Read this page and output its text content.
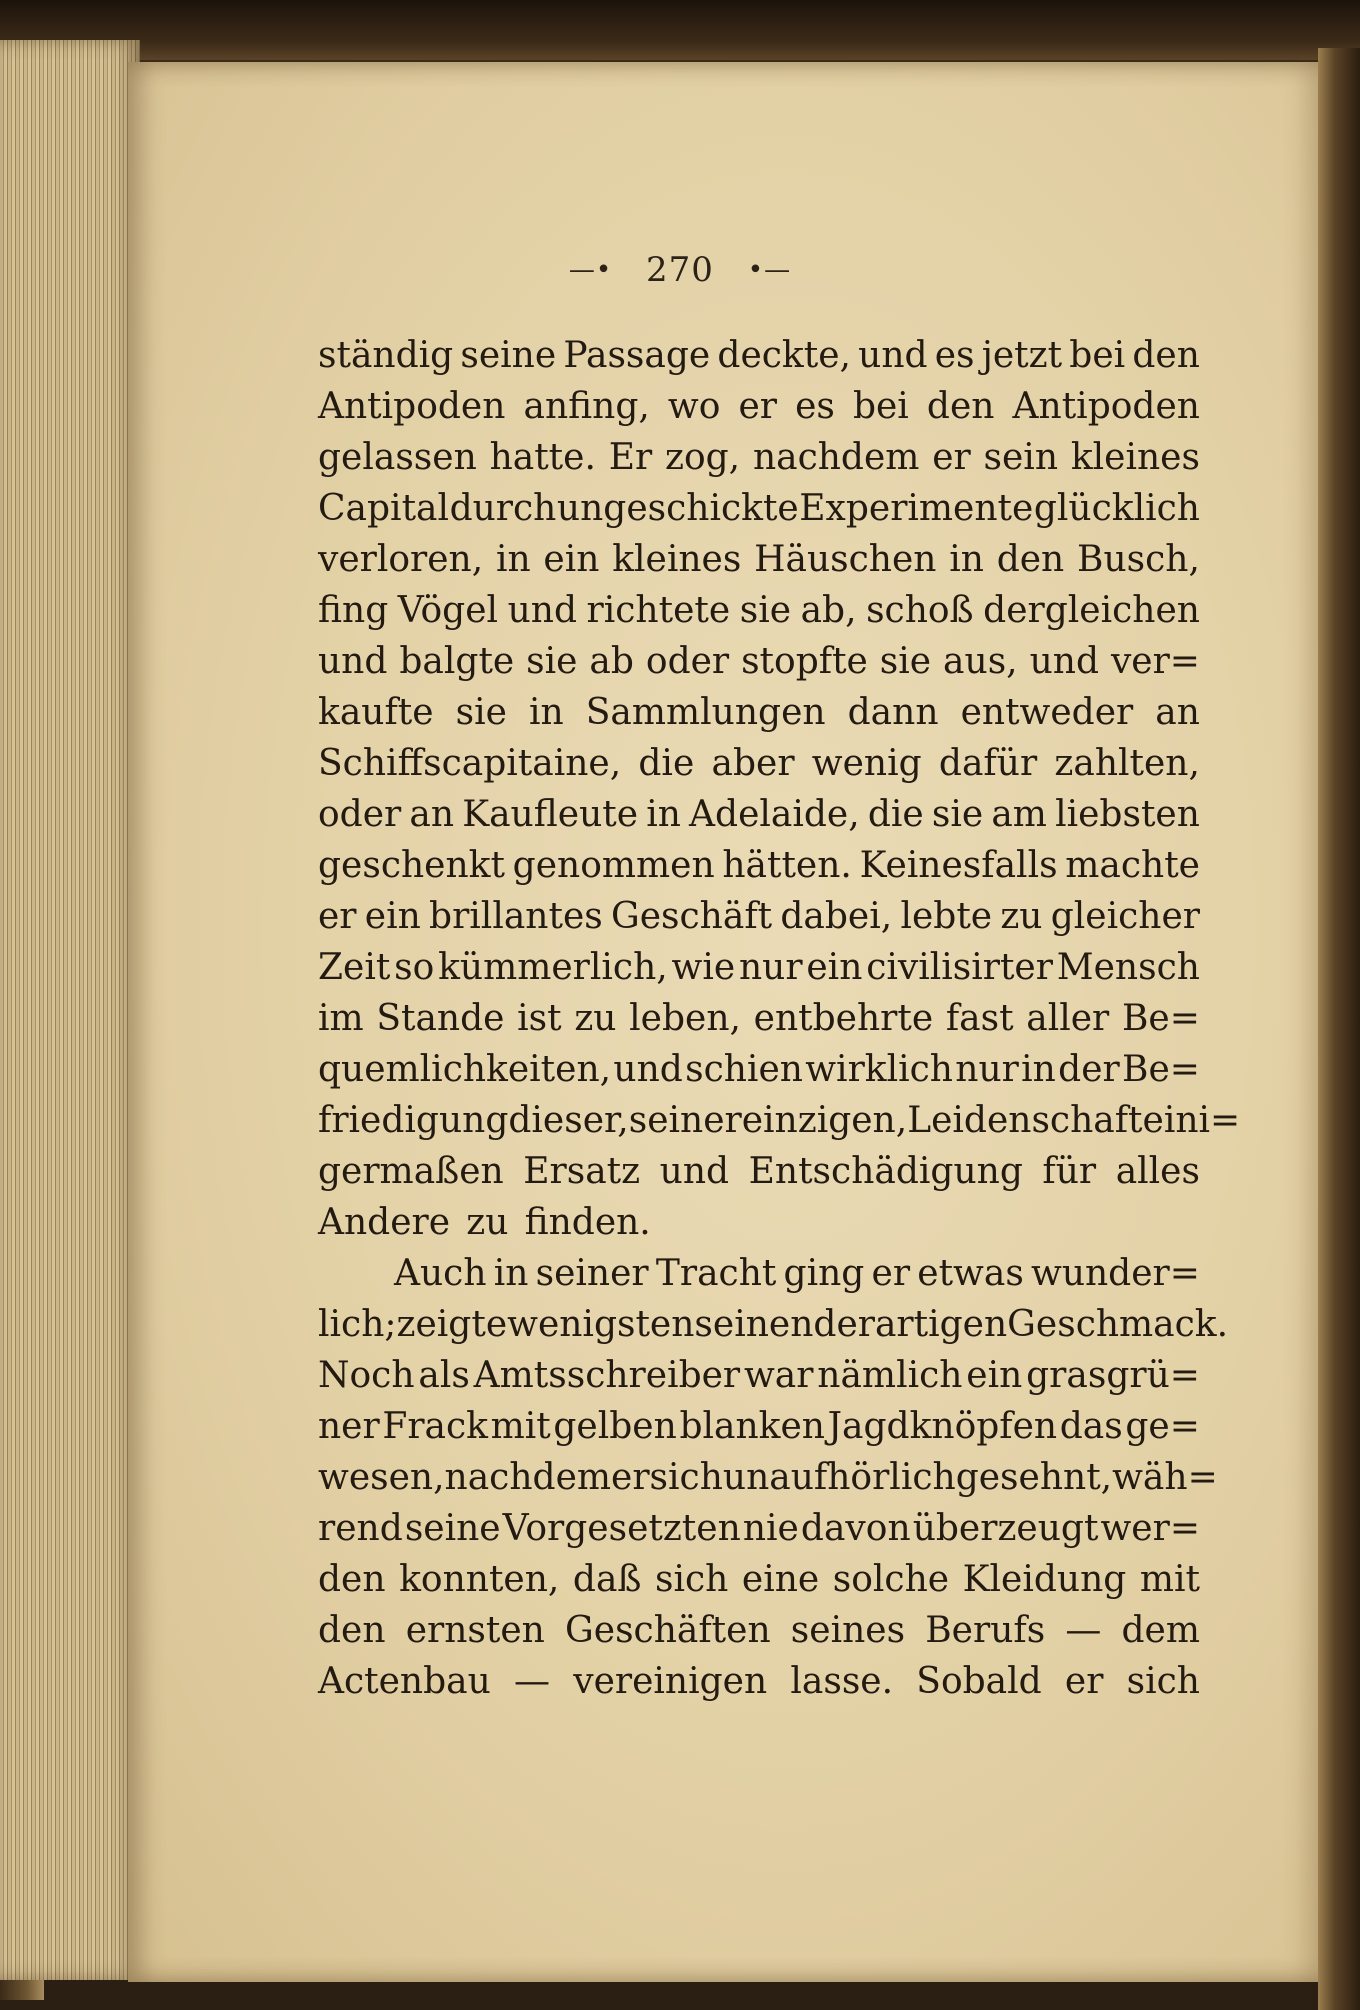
—• 270 •—
ständig seine Passage deckte, und es jetzt bei den
Antipoden anfing, wo er es bei den Antipoden
gelassen hatte. Er zog, nachdem er sein kleines
Capital durch ungeschickte Experimente glücklich
verloren, in ein kleines Häuschen in den Busch,
fing Vögel und richtete sie ab, schoß dergleichen
und balgte sie ab oder stopfte sie aus, und ver=
kaufte sie in Sammlungen dann entweder an
Schiffscapitaine, die aber wenig dafür zahlten,
oder an Kaufleute in Adelaide, die sie am liebsten
geschenkt genommen hätten. Keinesfalls machte
er ein brillantes Geschäft dabei, lebte zu gleicher
Zeit so kümmerlich, wie nur ein civilisirter Mensch
im Stande ist zu leben, entbehrte fast aller Be=
quemlichkeiten, und schien wirklich nur in der Be=
friedigung dieser, seiner einzigen, Leidenschaft eini=
germaßen Ersatz und Entschädigung für alles
Andere zu finden.
Auch in seiner Tracht ging er etwas wunder=
lich; zeigte wenigstens einen derartigen Geschmack.
Noch als Amtsschreiber war nämlich ein grasgrü=
ner Frack mit gelben blanken Jagdknöpfen das ge=
wesen, nach dem er sich unaufhörlich gesehnt, wäh=
rend seine Vorgesetzten nie davon überzeugt wer=
den konnten, daß sich eine solche Kleidung mit
den ernsten Geschäften seines Berufs — dem
Actenbau — vereinigen lasse. Sobald er sich
